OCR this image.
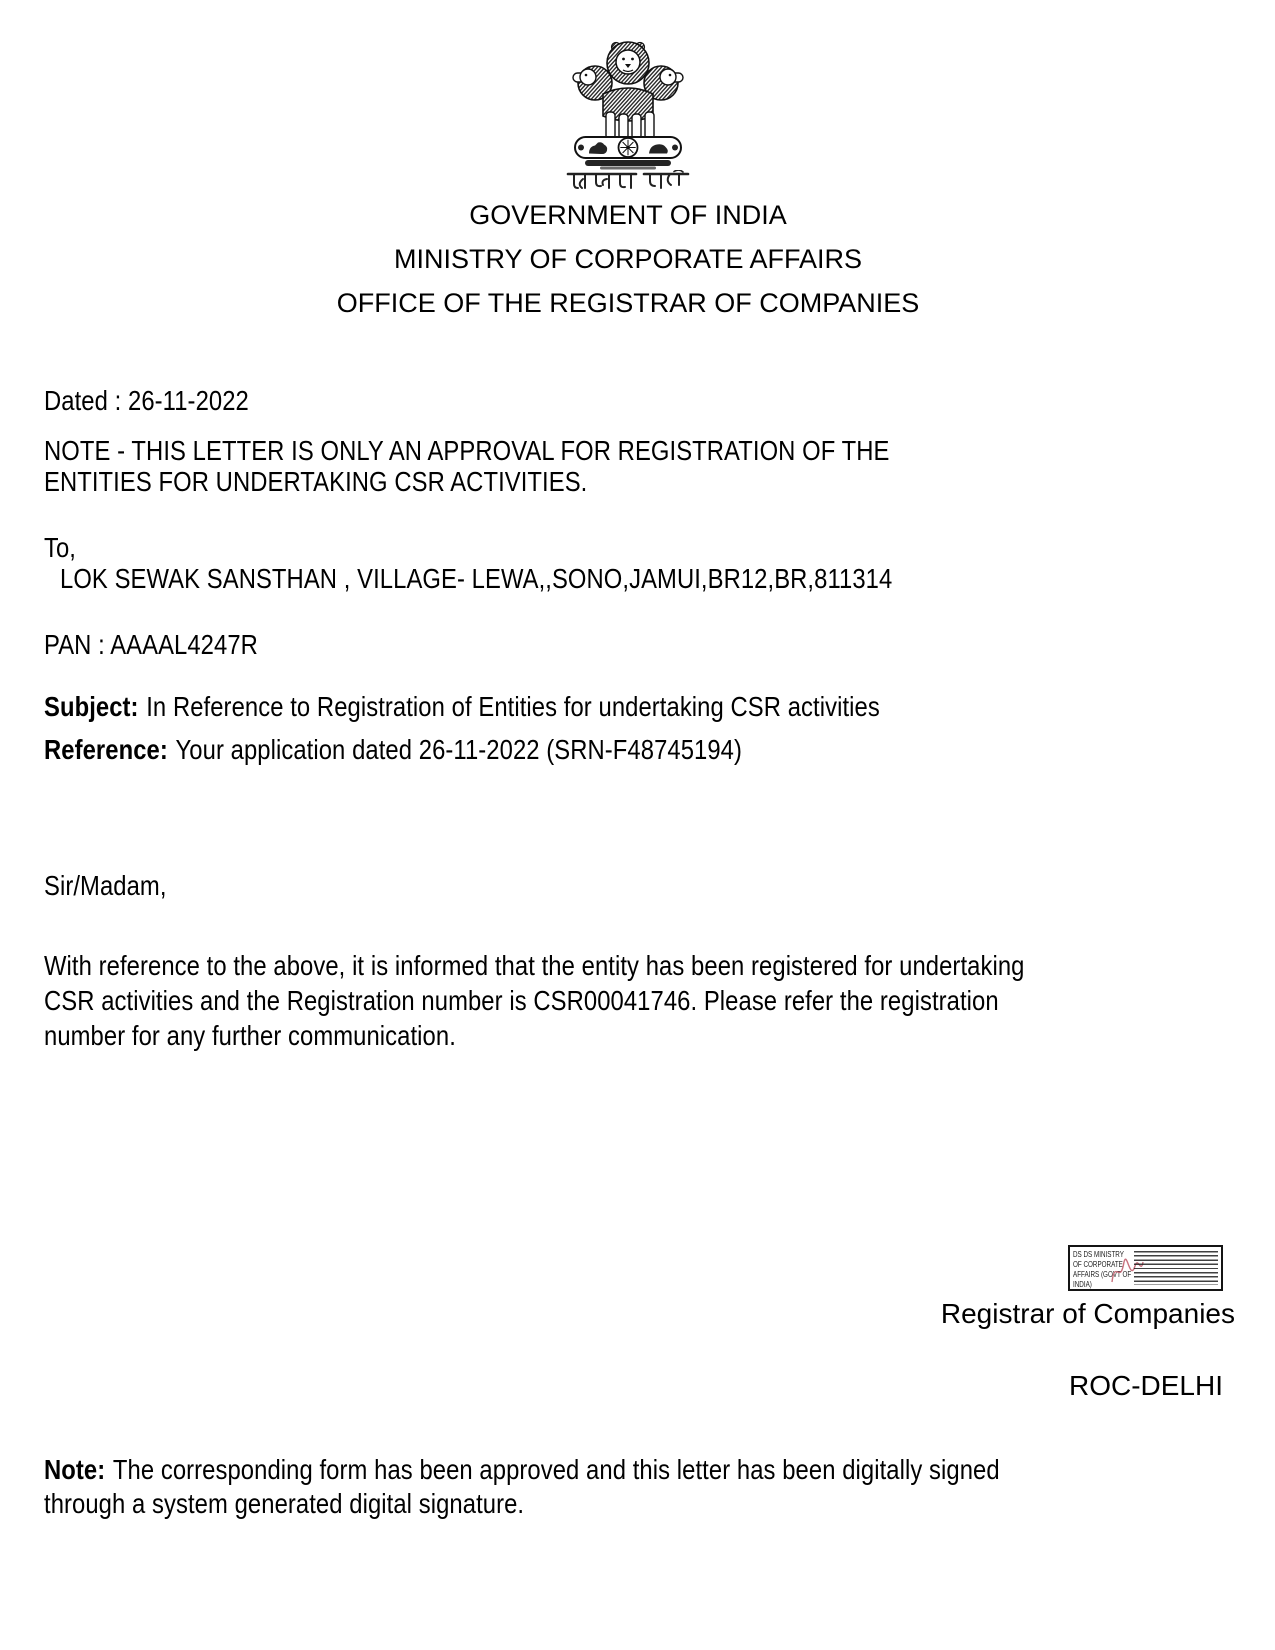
GOVERNMENT OF INDIA
MINISTRY OF CORPORATE AFFAIRS
OFFICE OF THE REGISTRAR OF COMPANIES
Dated : 26-11-2022
NOTE - THIS LETTER IS ONLY AN APPROVAL FOR REGISTRATION OF THE
ENTITIES FOR UNDERTAKING CSR ACTIVITIES.
To,
LOK SEWAK SANSTHAN , VILLAGE- LEWA,,SONO,JAMUI,BR12,BR,811314
PAN : AAAAL4247R
Subject: In Reference to Registration of Entities for undertaking CSR activities
Reference: Your application dated 26-11-2022 (SRN-F48745194)
Sir/Madam,
With reference to the above, it is informed that the entity has been registered for undertaking
CSR activities and the Registration number is CSR00041746. Please refer the registration
number for any further communication.
DS DS MINISTRY
OF CORPORATE
AFFAIRS (GOVT OF
INDIA)
Registrar of Companies
ROC-DELHI
Note: The corresponding form has been approved and this letter has been digitally signed
through a system generated digital signature.
